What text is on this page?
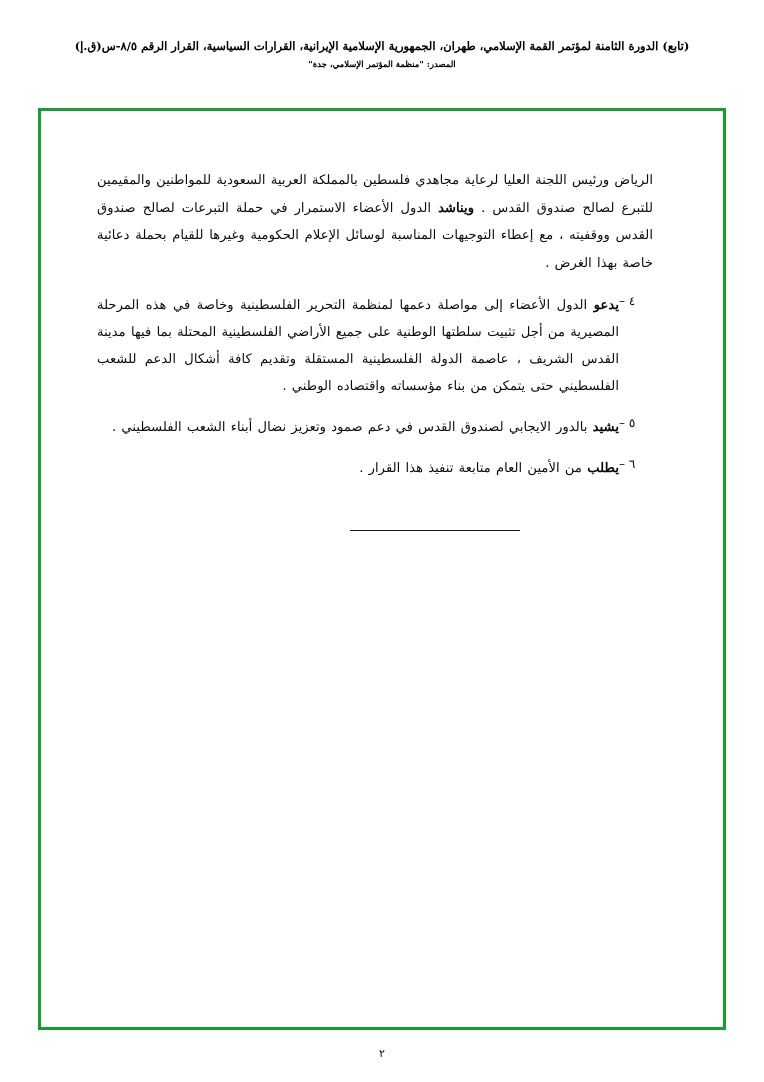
(تابع) الدورة الثامنة لمؤتمر القمة الإسلامي، طهران، الجمهورية الإسلامية الإيرانية، القرارات السياسية، القرار الرقم ٨/٥-س(ق.إ)
المصدر: "منظمة المؤتمر الإسلامي، جدة"
الرياض ورئيس اللجنة العليا لرعاية مجاهدي فلسطين بالمملكة العربية السعودية للمواطنين والمقيمين للتبرع لصالح صندوق القدس . ويناشد الدول الأعضاء الاستمرار في حملة التبرعات لصالح صندوق القدس ووقفيته ، مع إعطاء التوجيهات المناسبة لوسائل الإعلام الحكومية وغيرها للقيام بحملة دعائية خاصة بهذا الغرض .
٤ –
يدعو الدول الأعضاء إلى مواصلة دعمها لمنظمة التحرير الفلسطينية وخاصة في هذه المرحلة المصيرية من أجل تثبيت سلطتها الوطنية على جميع الأراضي الفلسطينية المحتلة بما فيها مدينة القدس الشريف ، عاصمة الدولة الفلسطينية المستقلة وتقديم كافة أشكال الدعم للشعب الفلسطيني حتى يتمكن من بناء مؤسساته واقتصاده الوطني .
٥ –
يشيد بالدور الايجابي لصندوق القدس في دعم صمود وتعزيز نضال أبناء الشعب الفلسطيني .
٦ –
يطلب من الأمين العام متابعة تنفيذ هذا القرار .
٢
